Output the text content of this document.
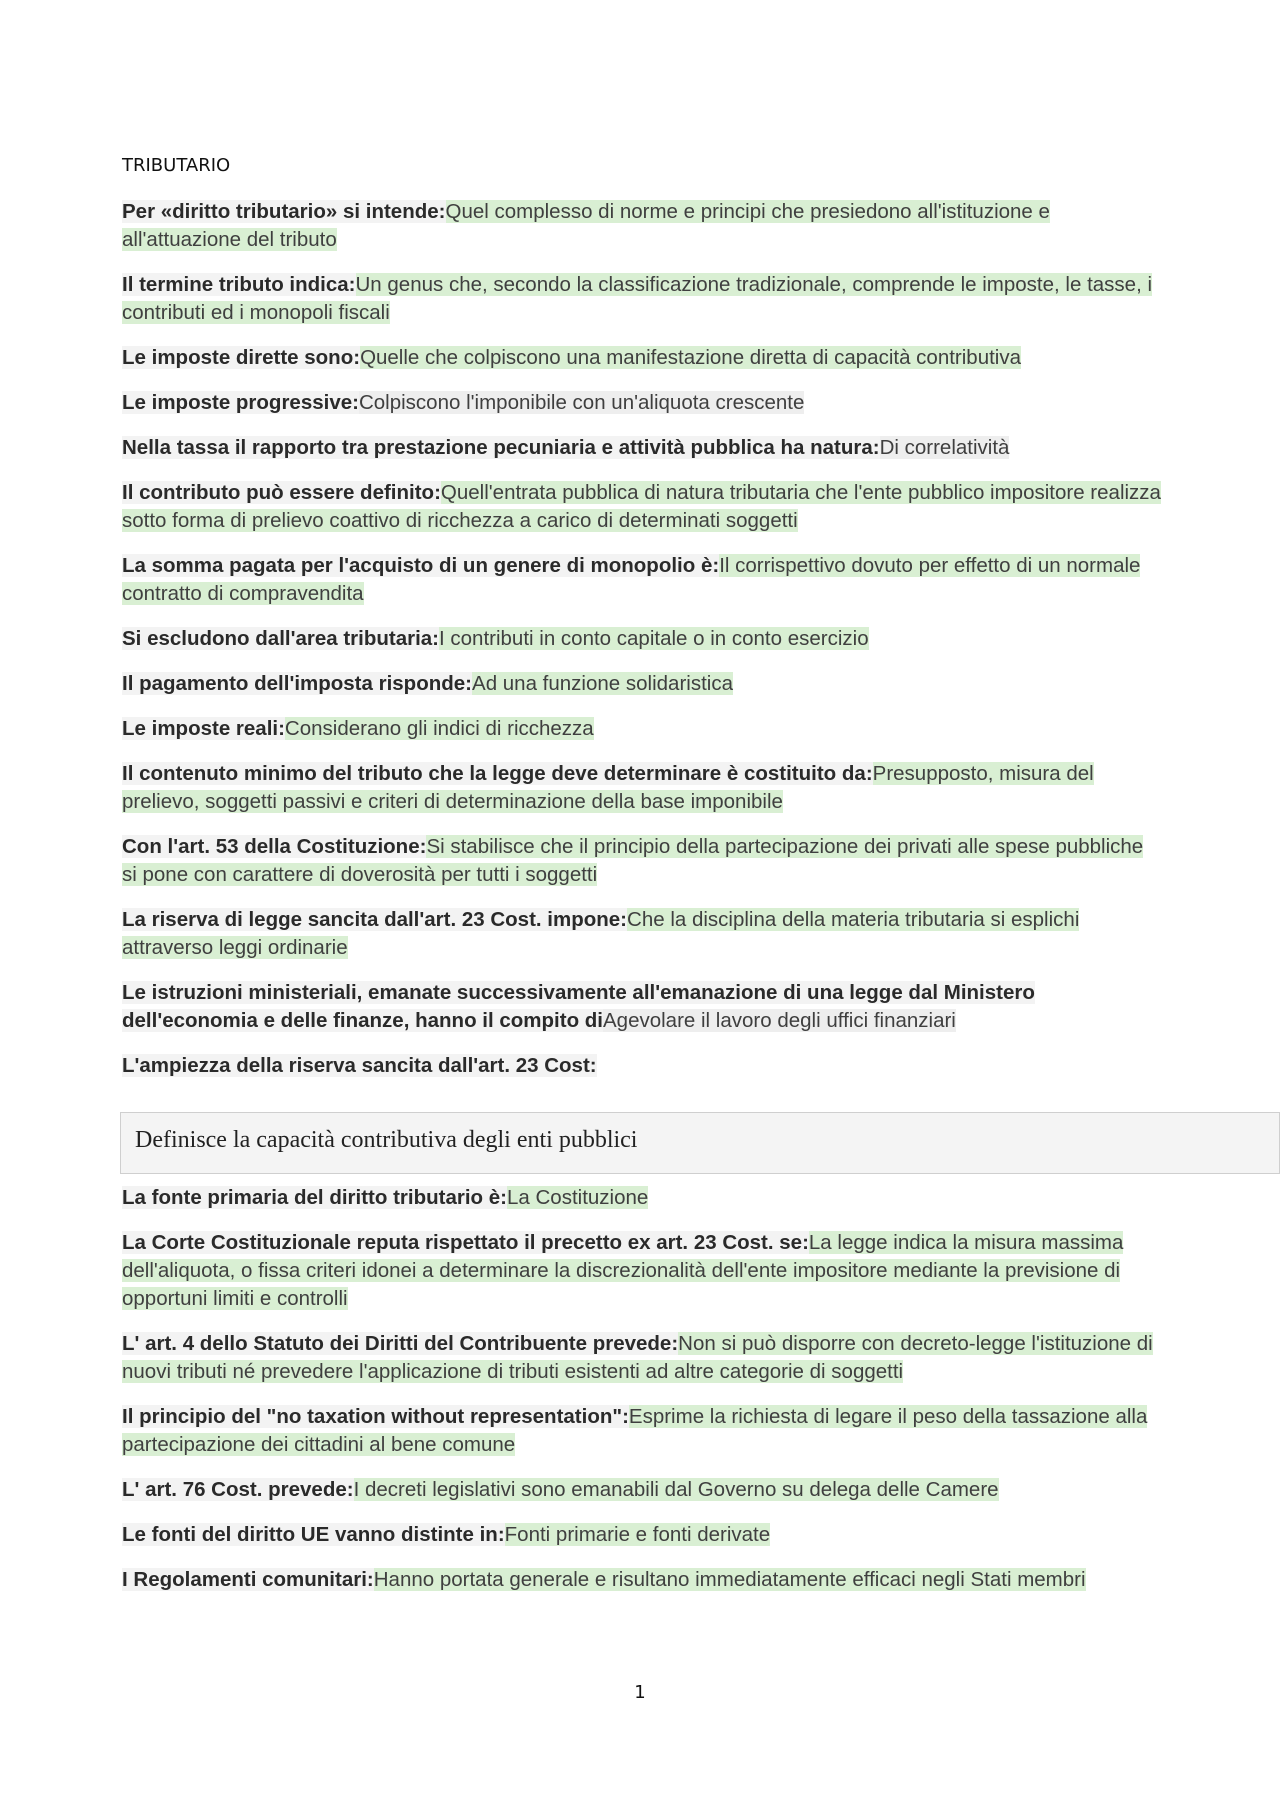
TRIBUTARIO

Per «diritto tributario» si intende:Quel complesso di norme e principi che presiedono all'istituzione e all'attuazione del tributo

Il termine tributo indica:Un genus che, secondo la classificazione tradizionale, comprende le imposte, le tasse, i contributi ed i monopoli fiscali

Le imposte dirette sono:Quelle che colpiscono una manifestazione diretta di capacità contributiva

Le imposte progressive:Colpiscono l'imponibile con un'aliquota crescente

Nella tassa il rapporto tra prestazione pecuniaria e attività pubblica ha natura:Di correlatività

Il contributo può essere definito:Quell'entrata pubblica di natura tributaria che l'ente pubblico impositore realizza sotto forma di prelievo coattivo di ricchezza a carico di determinati soggetti

La somma pagata per l'acquisto di un genere di monopolio è:Il corrispettivo dovuto per effetto di un normale contratto di compravendita

Si escludono dall'area tributaria:I contributi in conto capitale o in conto esercizio

Il pagamento dell'imposta risponde:Ad una funzione solidaristica

Le imposte reali:Considerano gli indici di ricchezza

Il contenuto minimo del tributo che la legge deve determinare è costituito da:Presupposto, misura del prelievo, soggetti passivi e criteri di determinazione della base imponibile

Con l'art. 53 della Costituzione:Si stabilisce che il principio della partecipazione dei privati alle spese pubbliche si pone con carattere di doverosità per tutti i soggetti

La riserva di legge sancita dall'art. 23 Cost. impone:Che la disciplina della materia tributaria si esplichi attraverso leggi ordinarie

Le istruzioni ministeriali, emanate successivamente all'emanazione di una legge dal Ministero dell'economia e delle finanze, hanno il compito diAgevolare il lavoro degli uffici finanziari

L'ampiezza della riserva sancita dall'art. 23 Cost:

Definisce la capacità contributiva degli enti pubblici

La fonte primaria del diritto tributario è:La Costituzione

La Corte Costituzionale reputa rispettato il precetto ex art. 23 Cost. se:La legge indica la misura massima dell'aliquota, o fissa criteri idonei a determinare la discrezionalità dell'ente impositore mediante la previsione di opportuni limiti e controlli

L' art. 4 dello Statuto dei Diritti del Contribuente prevede:Non si può disporre con decreto-legge l'istituzione di nuovi tributi né prevedere l'applicazione di tributi esistenti ad altre categorie di soggetti

Il principio del "no taxation without representation":Esprime la richiesta di legare il peso della tassazione alla partecipazione dei cittadini al bene comune

L' art. 76 Cost. prevede:I decreti legislativi sono emanabili dal Governo su delega delle Camere

Le fonti del diritto UE vanno distinte in:Fonti primarie e fonti derivate

I Regolamenti comunitari:Hanno portata generale e risultano immediatamente efficaci negli Stati membri

1
